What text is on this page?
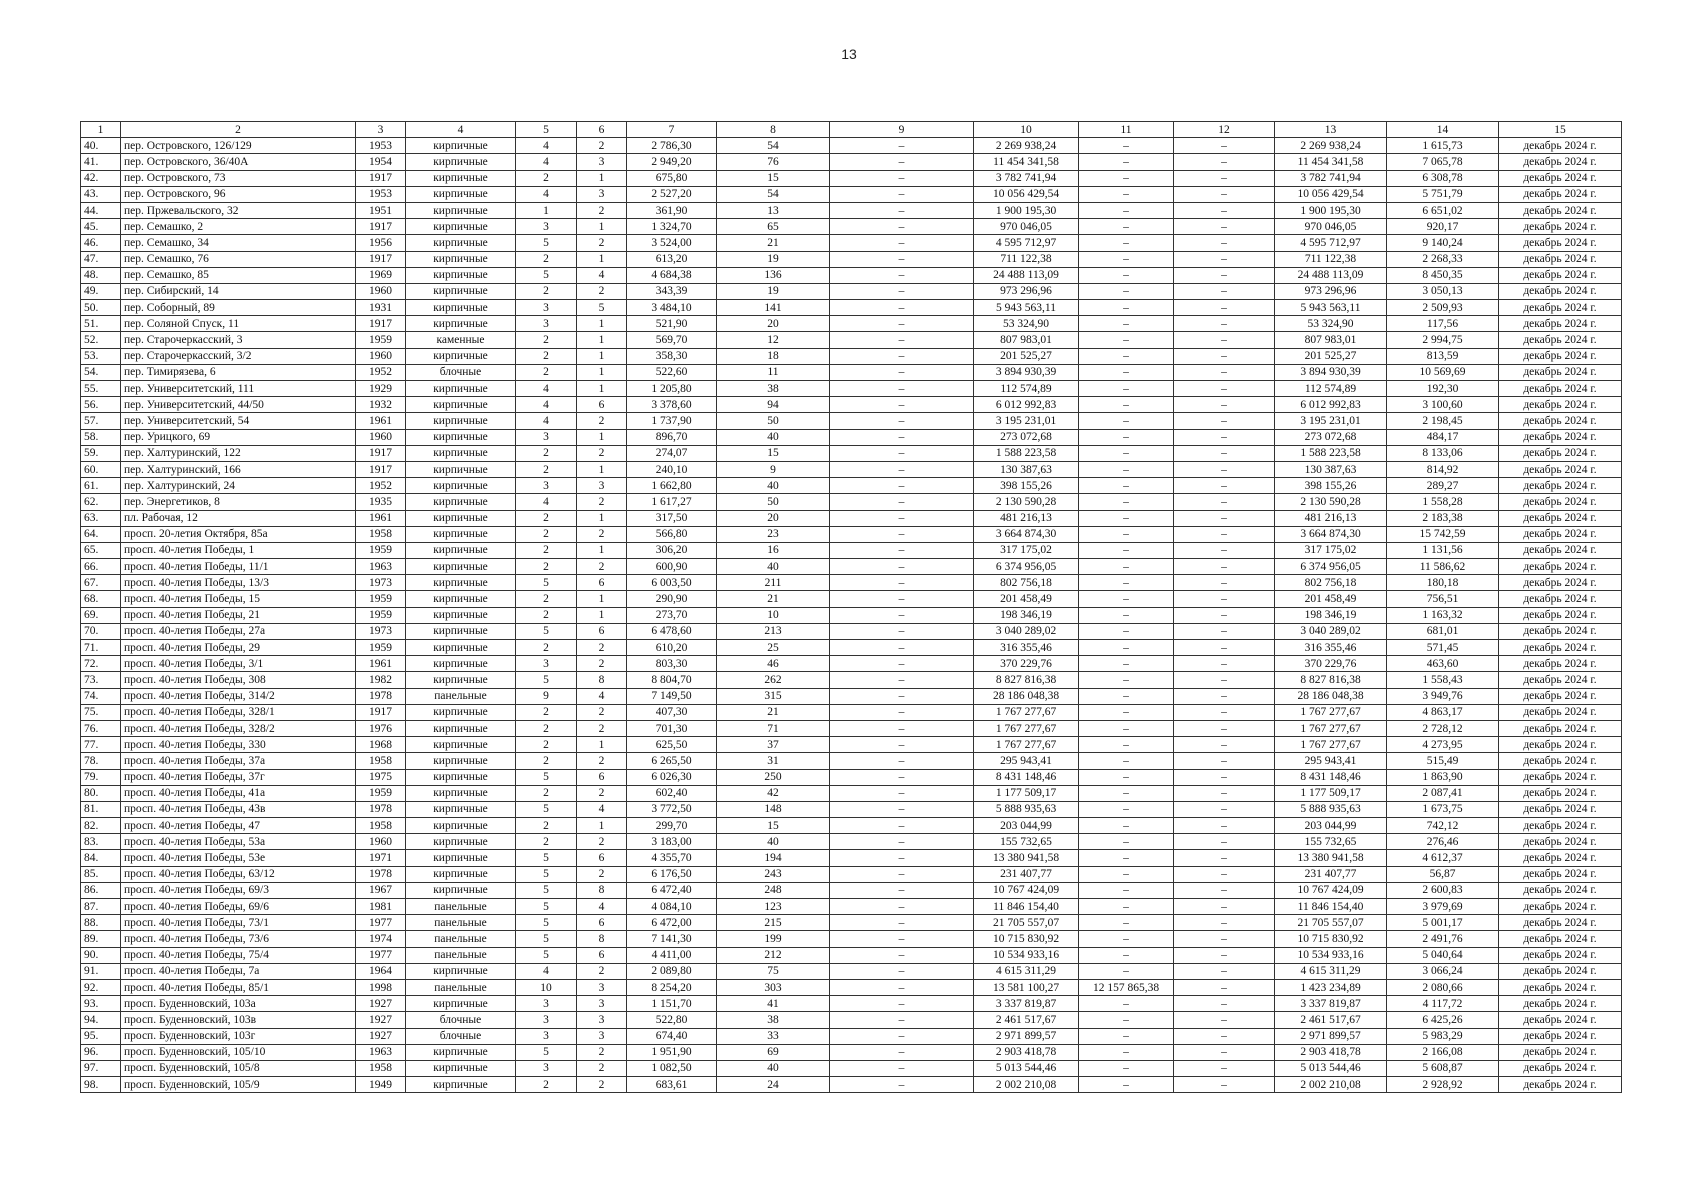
13
1	2	3	4	5	6	7	8	9	10	11	12	13	14	15
40.	пер. Островского, 126/129	1953	кирпичные	4	2	2 786,30	54	–	2 269 938,24	–	–	2 269 938,24	1 615,73	декабрь 2024 г.
41.	пер. Островского, 36/40А	1954	кирпичные	4	3	2 949,20	76	–	11 454 341,58	–	–	11 454 341,58	7 065,78	декабрь 2024 г.
42.	пер. Островского, 73	1917	кирпичные	2	1	675,80	15	–	3 782 741,94	–	–	3 782 741,94	6 308,78	декабрь 2024 г.
43.	пер. Островского, 96	1953	кирпичные	4	3	2 527,20	54	–	10 056 429,54	–	–	10 056 429,54	5 751,79	декабрь 2024 г.
44.	пер. Пржевальского, 32	1951	кирпичные	1	2	361,90	13	–	1 900 195,30	–	–	1 900 195,30	6 651,02	декабрь 2024 г.
45.	пер. Семашко, 2	1917	кирпичные	3	1	1 324,70	65	–	970 046,05	–	–	970 046,05	920,17	декабрь 2024 г.
46.	пер. Семашко, 34	1956	кирпичные	5	2	3 524,00	21	–	4 595 712,97	–	–	4 595 712,97	9 140,24	декабрь 2024 г.
47.	пер. Семашко, 76	1917	кирпичные	2	1	613,20	19	–	711 122,38	–	–	711 122,38	2 268,33	декабрь 2024 г.
48.	пер. Семашко, 85	1969	кирпичные	5	4	4 684,38	136	–	24 488 113,09	–	–	24 488 113,09	8 450,35	декабрь 2024 г.
49.	пер. Сибирский, 14	1960	кирпичные	2	2	343,39	19	–	973 296,96	–	–	973 296,96	3 050,13	декабрь 2024 г.
50.	пер. Соборный, 89	1931	кирпичные	3	5	3 484,10	141	–	5 943 563,11	–	–	5 943 563,11	2 509,93	декабрь 2024 г.
51.	пер. Соляной Спуск, 11	1917	кирпичные	3	1	521,90	20	–	53 324,90	–	–	53 324,90	117,56	декабрь 2024 г.
52.	пер. Старочеркасский, 3	1959	каменные	2	1	569,70	12	–	807 983,01	–	–	807 983,01	2 994,75	декабрь 2024 г.
53.	пер. Старочеркасский, 3/2	1960	кирпичные	2	1	358,30	18	–	201 525,27	–	–	201 525,27	813,59	декабрь 2024 г.
54.	пер. Тимирязева, 6	1952	блочные	2	1	522,60	11	–	3 894 930,39	–	–	3 894 930,39	10 569,69	декабрь 2024 г.
55.	пер. Университетский, 111	1929	кирпичные	4	1	1 205,80	38	–	112 574,89	–	–	112 574,89	192,30	декабрь 2024 г.
56.	пер. Университетский, 44/50	1932	кирпичные	4	6	3 378,60	94	–	6 012 992,83	–	–	6 012 992,83	3 100,60	декабрь 2024 г.
57.	пер. Университетский, 54	1961	кирпичные	4	2	1 737,90	50	–	3 195 231,01	–	–	3 195 231,01	2 198,45	декабрь 2024 г.
58.	пер. Урицкого, 69	1960	кирпичные	3	1	896,70	40	–	273 072,68	–	–	273 072,68	484,17	декабрь 2024 г.
59.	пер. Халтуринский, 122	1917	кирпичные	2	2	274,07	15	–	1 588 223,58	–	–	1 588 223,58	8 133,06	декабрь 2024 г.
60.	пер. Халтуринский, 166	1917	кирпичные	2	1	240,10	9	–	130 387,63	–	–	130 387,63	814,92	декабрь 2024 г.
61.	пер. Халтуринский, 24	1952	кирпичные	3	3	1 662,80	40	–	398 155,26	–	–	398 155,26	289,27	декабрь 2024 г.
62.	пер. Энергетиков, 8	1935	кирпичные	4	2	1 617,27	50	–	2 130 590,28	–	–	2 130 590,28	1 558,28	декабрь 2024 г.
63.	пл. Рабочая, 12	1961	кирпичные	2	1	317,50	20	–	481 216,13	–	–	481 216,13	2 183,38	декабрь 2024 г.
64.	просп. 20-летия Октября, 85а	1958	кирпичные	2	2	566,80	23	–	3 664 874,30	–	–	3 664 874,30	15 742,59	декабрь 2024 г.
65.	просп. 40-летия Победы, 1	1959	кирпичные	2	1	306,20	16	–	317 175,02	–	–	317 175,02	1 131,56	декабрь 2024 г.
66.	просп. 40-летия Победы, 11/1	1963	кирпичные	2	2	600,90	40	–	6 374 956,05	–	–	6 374 956,05	11 586,62	декабрь 2024 г.
67.	просп. 40-летия Победы, 13/3	1973	кирпичные	5	6	6 003,50	211	–	802 756,18	–	–	802 756,18	180,18	декабрь 2024 г.
68.	просп. 40-летия Победы, 15	1959	кирпичные	2	1	290,90	21	–	201 458,49	–	–	201 458,49	756,51	декабрь 2024 г.
69.	просп. 40-летия Победы, 21	1959	кирпичные	2	1	273,70	10	–	198 346,19	–	–	198 346,19	1 163,32	декабрь 2024 г.
70.	просп. 40-летия Победы, 27а	1973	кирпичные	5	6	6 478,60	213	–	3 040 289,02	–	–	3 040 289,02	681,01	декабрь 2024 г.
71.	просп. 40-летия Победы, 29	1959	кирпичные	2	2	610,20	25	–	316 355,46	–	–	316 355,46	571,45	декабрь 2024 г.
72.	просп. 40-летия Победы, 3/1	1961	кирпичные	3	2	803,30	46	–	370 229,76	–	–	370 229,76	463,60	декабрь 2024 г.
73.	просп. 40-летия Победы, 308	1982	кирпичные	5	8	8 804,70	262	–	8 827 816,38	–	–	8 827 816,38	1 558,43	декабрь 2024 г.
74.	просп. 40-летия Победы, 314/2	1978	панельные	9	4	7 149,50	315	–	28 186 048,38	–	–	28 186 048,38	3 949,76	декабрь 2024 г.
75.	просп. 40-летия Победы, 328/1	1917	кирпичные	2	2	407,30	21	–	1 767 277,67	–	–	1 767 277,67	4 863,17	декабрь 2024 г.
76.	просп. 40-летия Победы, 328/2	1976	кирпичные	2	2	701,30	71	–	1 767 277,67	–	–	1 767 277,67	2 728,12	декабрь 2024 г.
77.	просп. 40-летия Победы, 330	1968	кирпичные	2	1	625,50	37	–	1 767 277,67	–	–	1 767 277,67	4 273,95	декабрь 2024 г.
78.	просп. 40-летия Победы, 37а	1958	кирпичные	2	2	6 265,50	31	–	295 943,41	–	–	295 943,41	515,49	декабрь 2024 г.
79.	просп. 40-летия Победы, 37г	1975	кирпичные	5	6	6 026,30	250	–	8 431 148,46	–	–	8 431 148,46	1 863,90	декабрь 2024 г.
80.	просп. 40-летия Победы, 41а	1959	кирпичные	2	2	602,40	42	–	1 177 509,17	–	–	1 177 509,17	2 087,41	декабрь 2024 г.
81.	просп. 40-летия Победы, 43в	1978	кирпичные	5	4	3 772,50	148	–	5 888 935,63	–	–	5 888 935,63	1 673,75	декабрь 2024 г.
82.	просп. 40-летия Победы, 47	1958	кирпичные	2	1	299,70	15	–	203 044,99	–	–	203 044,99	742,12	декабрь 2024 г.
83.	просп. 40-летия Победы, 53а	1960	кирпичные	2	2	3 183,00	40	–	155 732,65	–	–	155 732,65	276,46	декабрь 2024 г.
84.	просп. 40-летия Победы, 53е	1971	кирпичные	5	6	4 355,70	194	–	13 380 941,58	–	–	13 380 941,58	4 612,37	декабрь 2024 г.
85.	просп. 40-летия Победы, 63/12	1978	кирпичные	5	2	6 176,50	243	–	231 407,77	–	–	231 407,77	56,87	декабрь 2024 г.
86.	просп. 40-летия Победы, 69/3	1967	кирпичные	5	8	6 472,40	248	–	10 767 424,09	–	–	10 767 424,09	2 600,83	декабрь 2024 г.
87.	просп. 40-летия Победы, 69/6	1981	панельные	5	4	4 084,10	123	–	11 846 154,40	–	–	11 846 154,40	3 979,69	декабрь 2024 г.
88.	просп. 40-летия Победы, 73/1	1977	панельные	5	6	6 472,00	215	–	21 705 557,07	–	–	21 705 557,07	5 001,17	декабрь 2024 г.
89.	просп. 40-летия Победы, 73/6	1974	панельные	5	8	7 141,30	199	–	10 715 830,92	–	–	10 715 830,92	2 491,76	декабрь 2024 г.
90.	просп. 40-летия Победы, 75/4	1977	панельные	5	6	4 411,00	212	–	10 534 933,16	–	–	10 534 933,16	5 040,64	декабрь 2024 г.
91.	просп. 40-летия Победы, 7а	1964	кирпичные	4	2	2 089,80	75	–	4 615 311,29	–	–	4 615 311,29	3 066,24	декабрь 2024 г.
92.	просп. 40-летия Победы, 85/1	1998	панельные	10	3	8 254,20	303	–	13 581 100,27	12 157 865,38	–	1 423 234,89	2 080,66	декабрь 2024 г.
93.	просп. Буденновский, 103а	1927	кирпичные	3	3	1 151,70	41	–	3 337 819,87	–	–	3 337 819,87	4 117,72	декабрь 2024 г.
94.	просп. Буденновский, 103в	1927	блочные	3	3	522,80	38	–	2 461 517,67	–	–	2 461 517,67	6 425,26	декабрь 2024 г.
95.	просп. Буденновский, 103г	1927	блочные	3	3	674,40	33	–	2 971 899,57	–	–	2 971 899,57	5 983,29	декабрь 2024 г.
96.	просп. Буденновский, 105/10	1963	кирпичные	5	2	1 951,90	69	–	2 903 418,78	–	–	2 903 418,78	2 166,08	декабрь 2024 г.
97.	просп. Буденновский, 105/8	1958	кирпичные	3	2	1 082,50	40	–	5 013 544,46	–	–	5 013 544,46	5 608,87	декабрь 2024 г.
98.	просп. Буденновский, 105/9	1949	кирпичные	2	2	683,61	24	–	2 002 210,08	–	–	2 002 210,08	2 928,92	декабрь 2024 г.
